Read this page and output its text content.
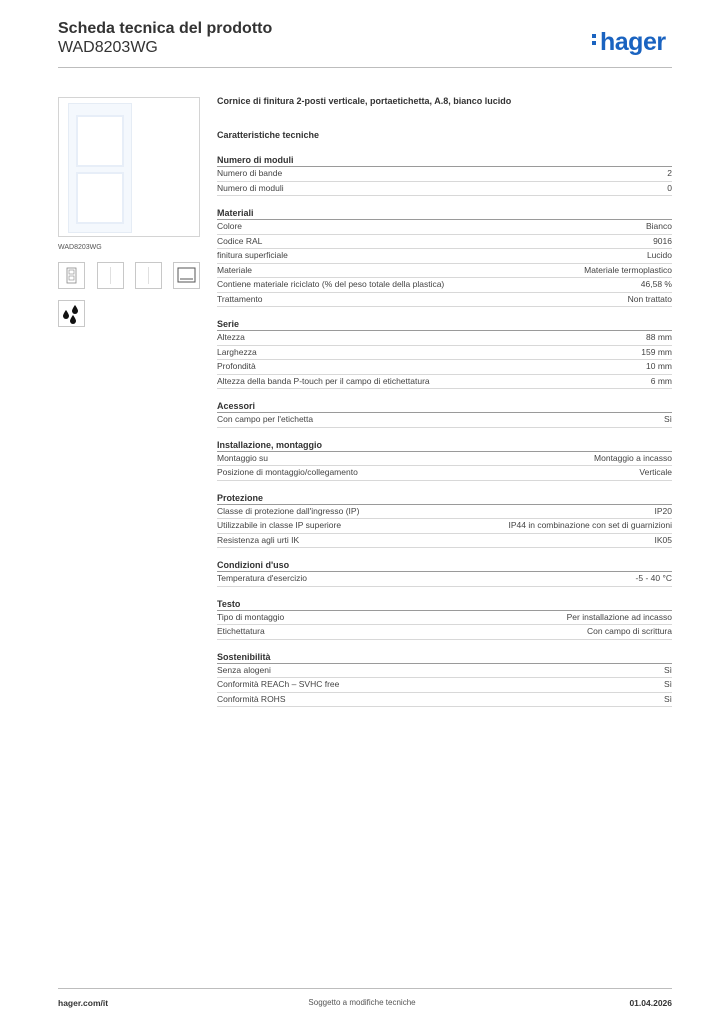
Scheda tecnica del prodotto
WAD8203WG	hager
WAD8203WG
Cornice di finitura 2-posti verticale, portaetichetta, A.8, bianco lucido
Caratteristiche tecniche
Numero di moduli
Numero di bande	2
Numero di moduli	0
Materiali
Colore	Bianco
Codice RAL	9016
finitura superficiale	Lucido
Materiale	Materiale termoplastico
Contiene materiale riciclato (% del peso totale della plastica)	46,58 %
Trattamento	Non trattato
Serie
Altezza	88 mm
Larghezza	159 mm
Profondità	10 mm
Altezza della banda P-touch per il campo di etichettatura	6 mm
Acessori
Con campo per l'etichetta	Sì
Installazione, montaggio
Montaggio su	Montaggio a incasso
Posizione di montaggio/collegamento	Verticale
Protezione
Classe di protezione dall'ingresso (IP)	IP20
Utilizzabile in classe IP superiore	IP44 in combinazione con set di guarnizioni
Resistenza agli urti IK	IK05
Condizioni d'uso
Temperatura d'esercizio	-5 - 40 °C
Testo
Tipo di montaggio	Per installazione ad incasso
Etichettatura	Con campo di scrittura
Sostenibilità
Senza alogeni	Sì
Conformità REACh – SVHC free	Sì
Conformità ROHS	Sì
hager.com/it	Soggetto a modifiche tecniche	01.04.2026
